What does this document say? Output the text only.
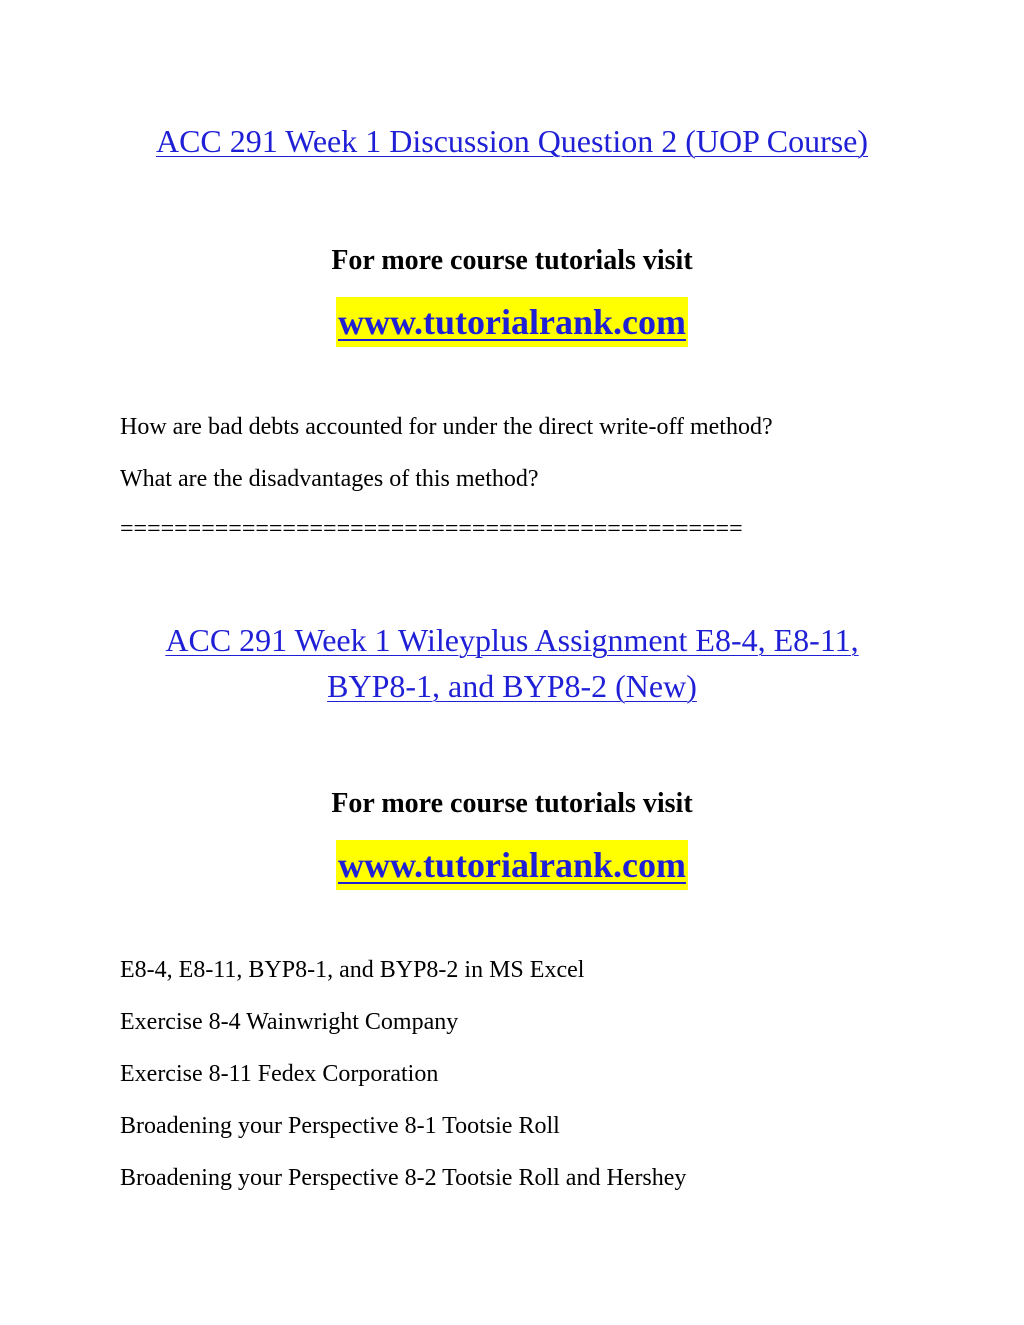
ACC 291 Week 1 Discussion Question 2 (UOP Course)

For more course tutorials visit

www.tutorialrank.com

How are bad debts accounted for under the direct write-off method?

What are the disadvantages of this method?

==============================================

ACC 291 Week 1 Wileyplus Assignment E8-4, E8-11,
BYP8-1, and BYP8-2 (New)

For more course tutorials visit

www.tutorialrank.com

E8-4, E8-11, BYP8-1, and BYP8-2 in MS Excel

Exercise 8-4 Wainwright Company

Exercise 8-11 Fedex Corporation

Broadening your Perspective 8-1 Tootsie Roll

Broadening your Perspective 8-2 Tootsie Roll and Hershey
